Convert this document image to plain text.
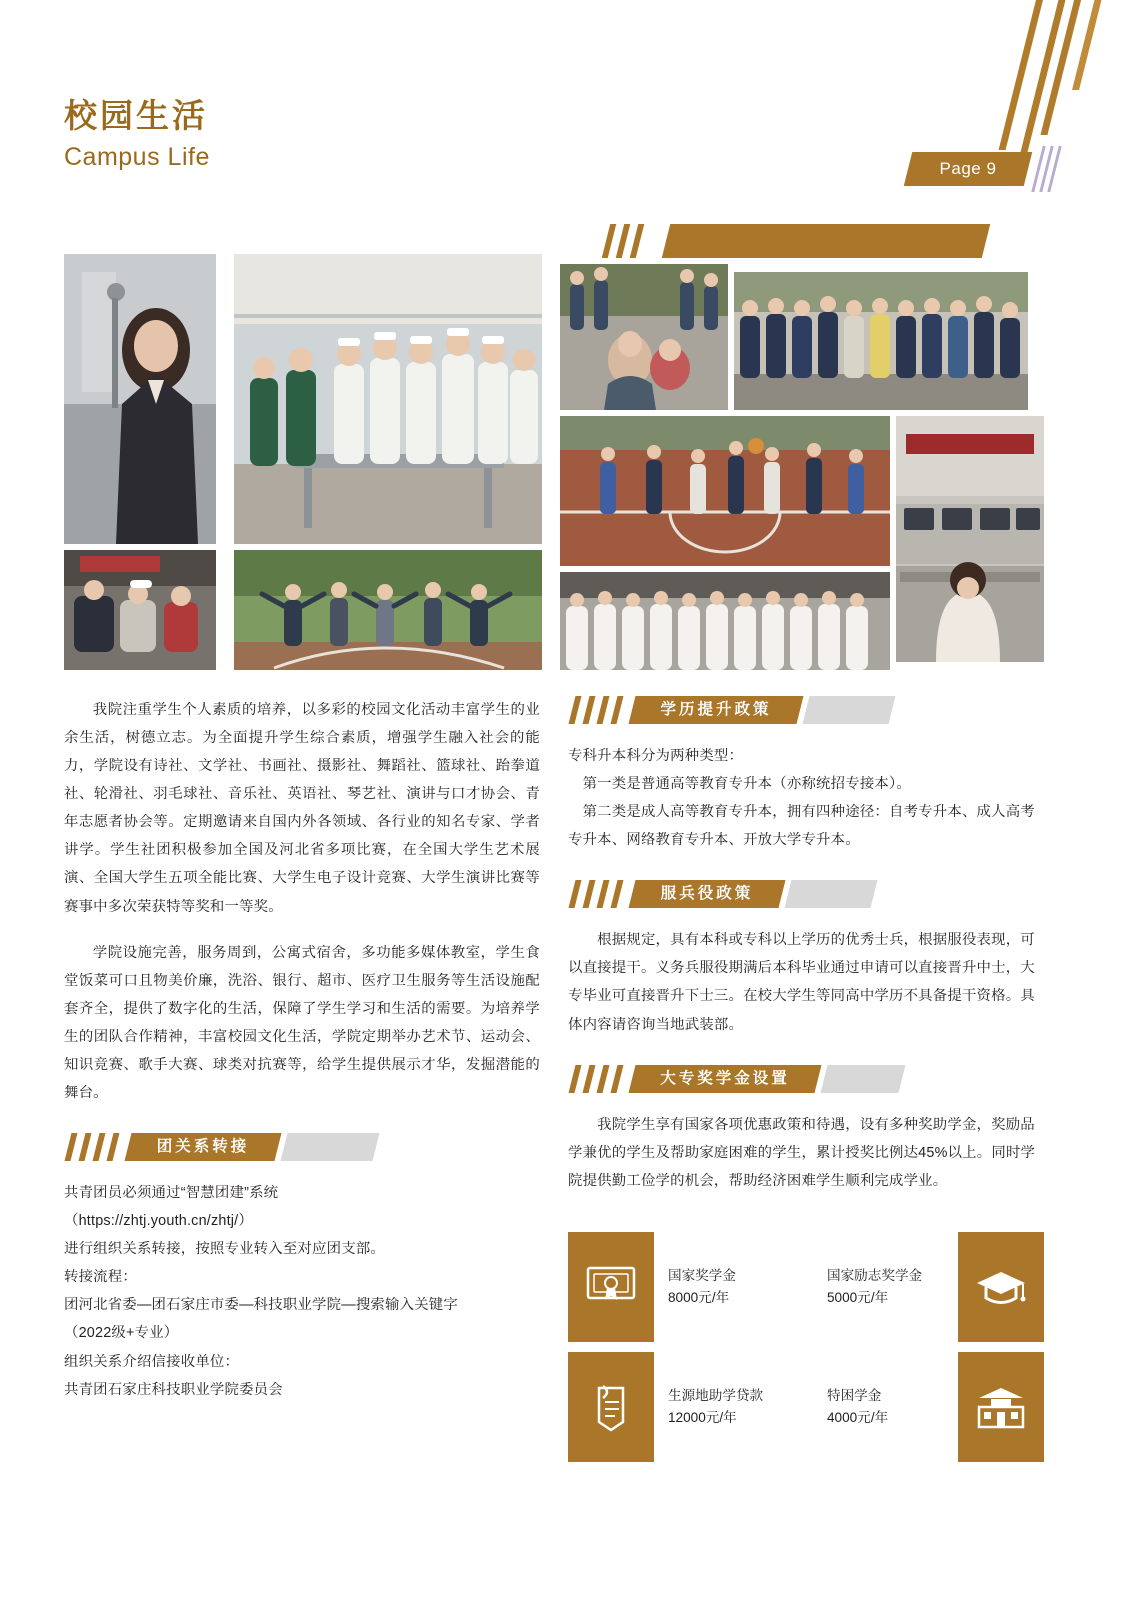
校园生活
Campus Life	Page 9

我院注重学生个人素质的培养，以多彩的校园文化活动丰富学生的业余生活，树德立志。为全面提升学生综合素质，增强学生融入社会的能力，学院设有诗社、文学社、书画社、摄影社、舞蹈社、篮球社、跆拳道社、轮滑社、羽毛球社、音乐社、英语社、琴艺社、演讲与口才协会、青年志愿者协会等。定期邀请来自国内外各领域、各行业的知名专家、学者讲学。学生社团积极参加全国及河北省多项比赛，在全国大学生艺术展演、全国大学生五项全能比赛、大学生电子设计竞赛、大学生演讲比赛等赛事中多次荣获特等奖和一等奖。

学院设施完善，服务周到，公寓式宿舍，多功能多媒体教室，学生食堂饭菜可口且物美价廉，洗浴、银行、超市、医疗卫生服务等生活设施配套齐全，提供了数字化的生活，保障了学生学习和生活的需要。为培养学生的团队合作精神，丰富校园文化生活，学院定期举办艺术节、运动会、知识竞赛、歌手大赛、球类对抗赛等，给学生提供展示才华，发掘潜能的舞台。

团关系转接
共青团员必须通过“智慧团建”系统
（https://zhtj.youth.cn/zhtj/）
进行组织关系转接，按照专业转入至对应团支部。
转接流程：
团河北省委—团石家庄市委—科技职业学院—搜索输入关键字
（2022级+专业）
组织关系介绍信接收单位：
共青团石家庄科技职业学院委员会
学历提升政策
专科升本科分为两种类型：
　第一类是普通高等教育专升本（亦称统招专接本）。
　第二类是成人高等教育专升本，拥有四种途径：自考专升本、成人高考专升本、网络教育专升本、开放大学专升本。
服兵役政策
　　根据规定，具有本科或专科以上学历的优秀士兵，根据服役表现，可以直接提干。义务兵服役期满后本科毕业通过申请可以直接晋升中士，大专毕业可直接晋升下士三。在校大学生等同高中学历不具备提干资格。具体内容请咨询当地武装部。
大专奖学金设置
　　我院学生享有国家各项优惠政策和待遇，设有多种奖助学金，奖励品学兼优的学生及帮助家庭困难的学生，累计授奖比例达45%以上。同时学院提供勤工俭学的机会，帮助经济困难学生顺利完成学业。
国家奖学金
8000元/年
国家励志奖学金
5000元/年
生源地助学贷款
12000元/年
特困学金
4000元/年
